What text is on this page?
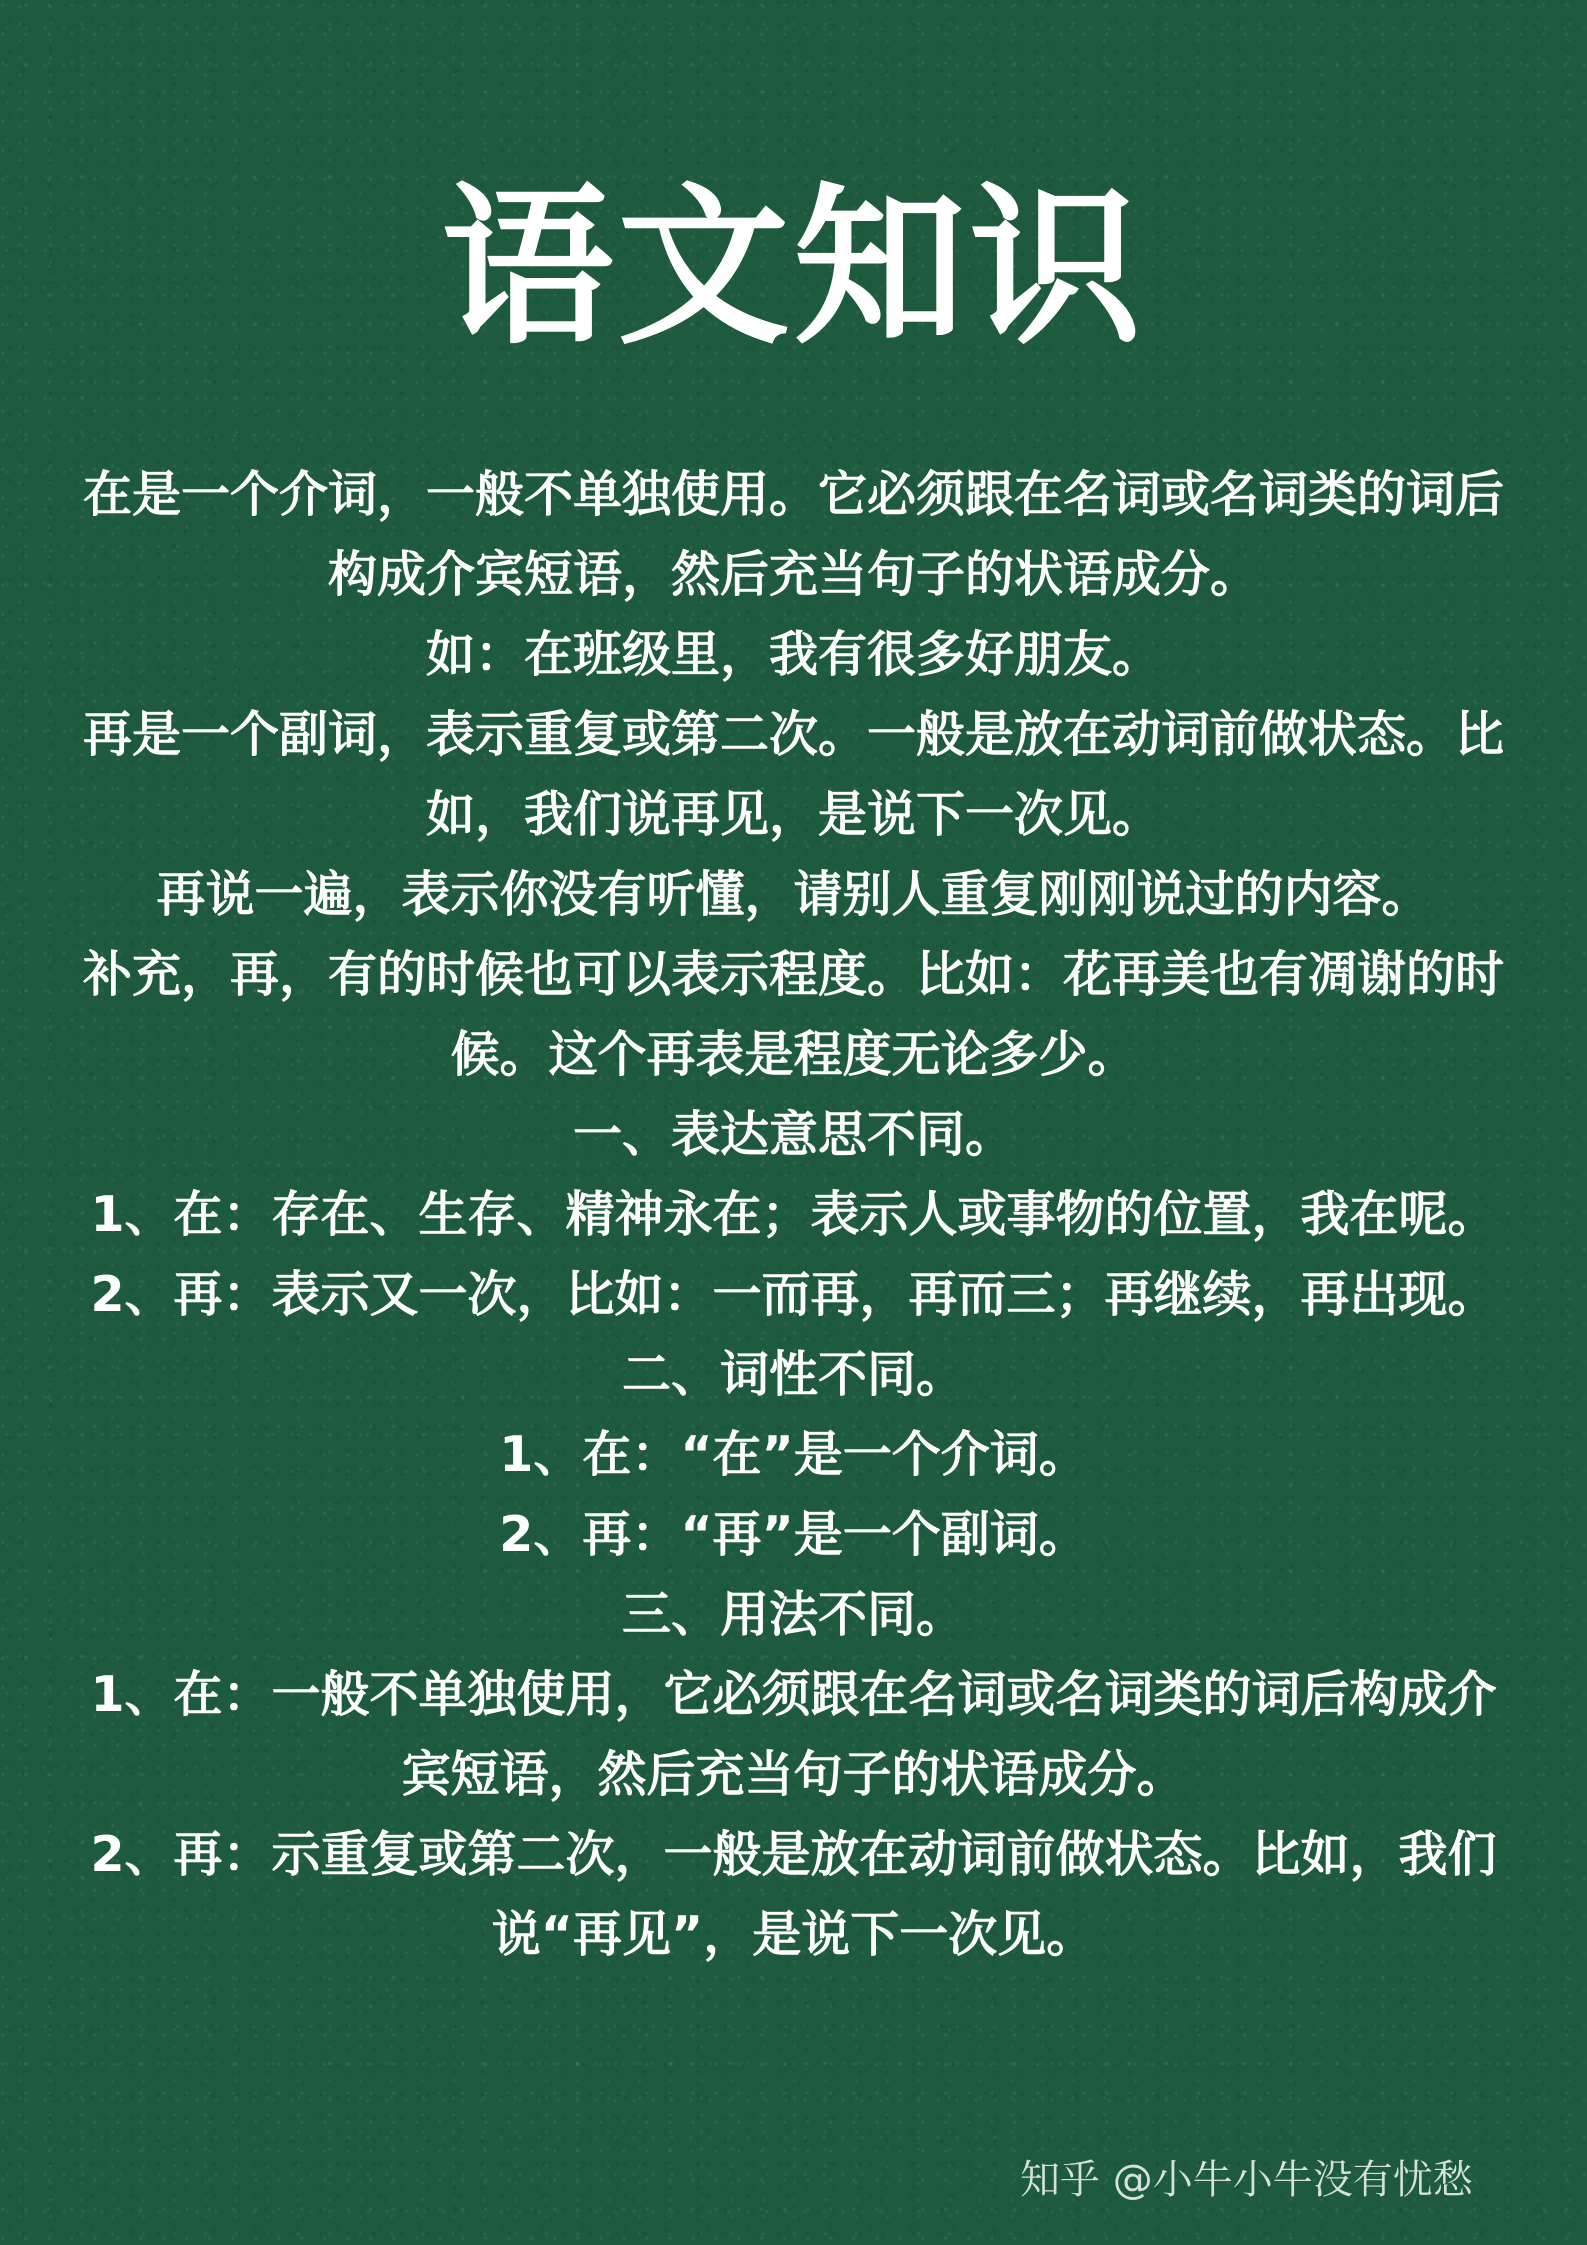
语文知识

在是一个介词，一般不单独使用。它必须跟在名词或名词类的词后构成介宾短语，然后充当句子的状语成分。

如：在班级里，我有很多好朋友。

再是一个副词，表示重复或第二次。一般是放在动词前做状态。比如，我们说再见，是说下一次见。

再说一遍，表示你没有听懂，请别人重复刚刚说过的内容。

补充，再，有的时候也可以表示程度。比如：花再美也有凋谢的时候。这个再表是程度无论多少。

一、表达意思不同。

1、在：存在、生存、精神永在；表示人或事物的位置，我在呢。

2、再：表示又一次，比如：一而再，再而三；再继续，再出现。

二、词性不同。

1、在：“在”是一个介词。

2、再：“再”是一个副词。

三、用法不同。

1、在：一般不单独使用，它必须跟在名词或名词类的词后构成介宾短语，然后充当句子的状语成分。

2、再：示重复或第二次，一般是放在动词前做状态。比如，我们说“再见”，是说下一次见。

知乎 @小牛小牛没有忧愁
